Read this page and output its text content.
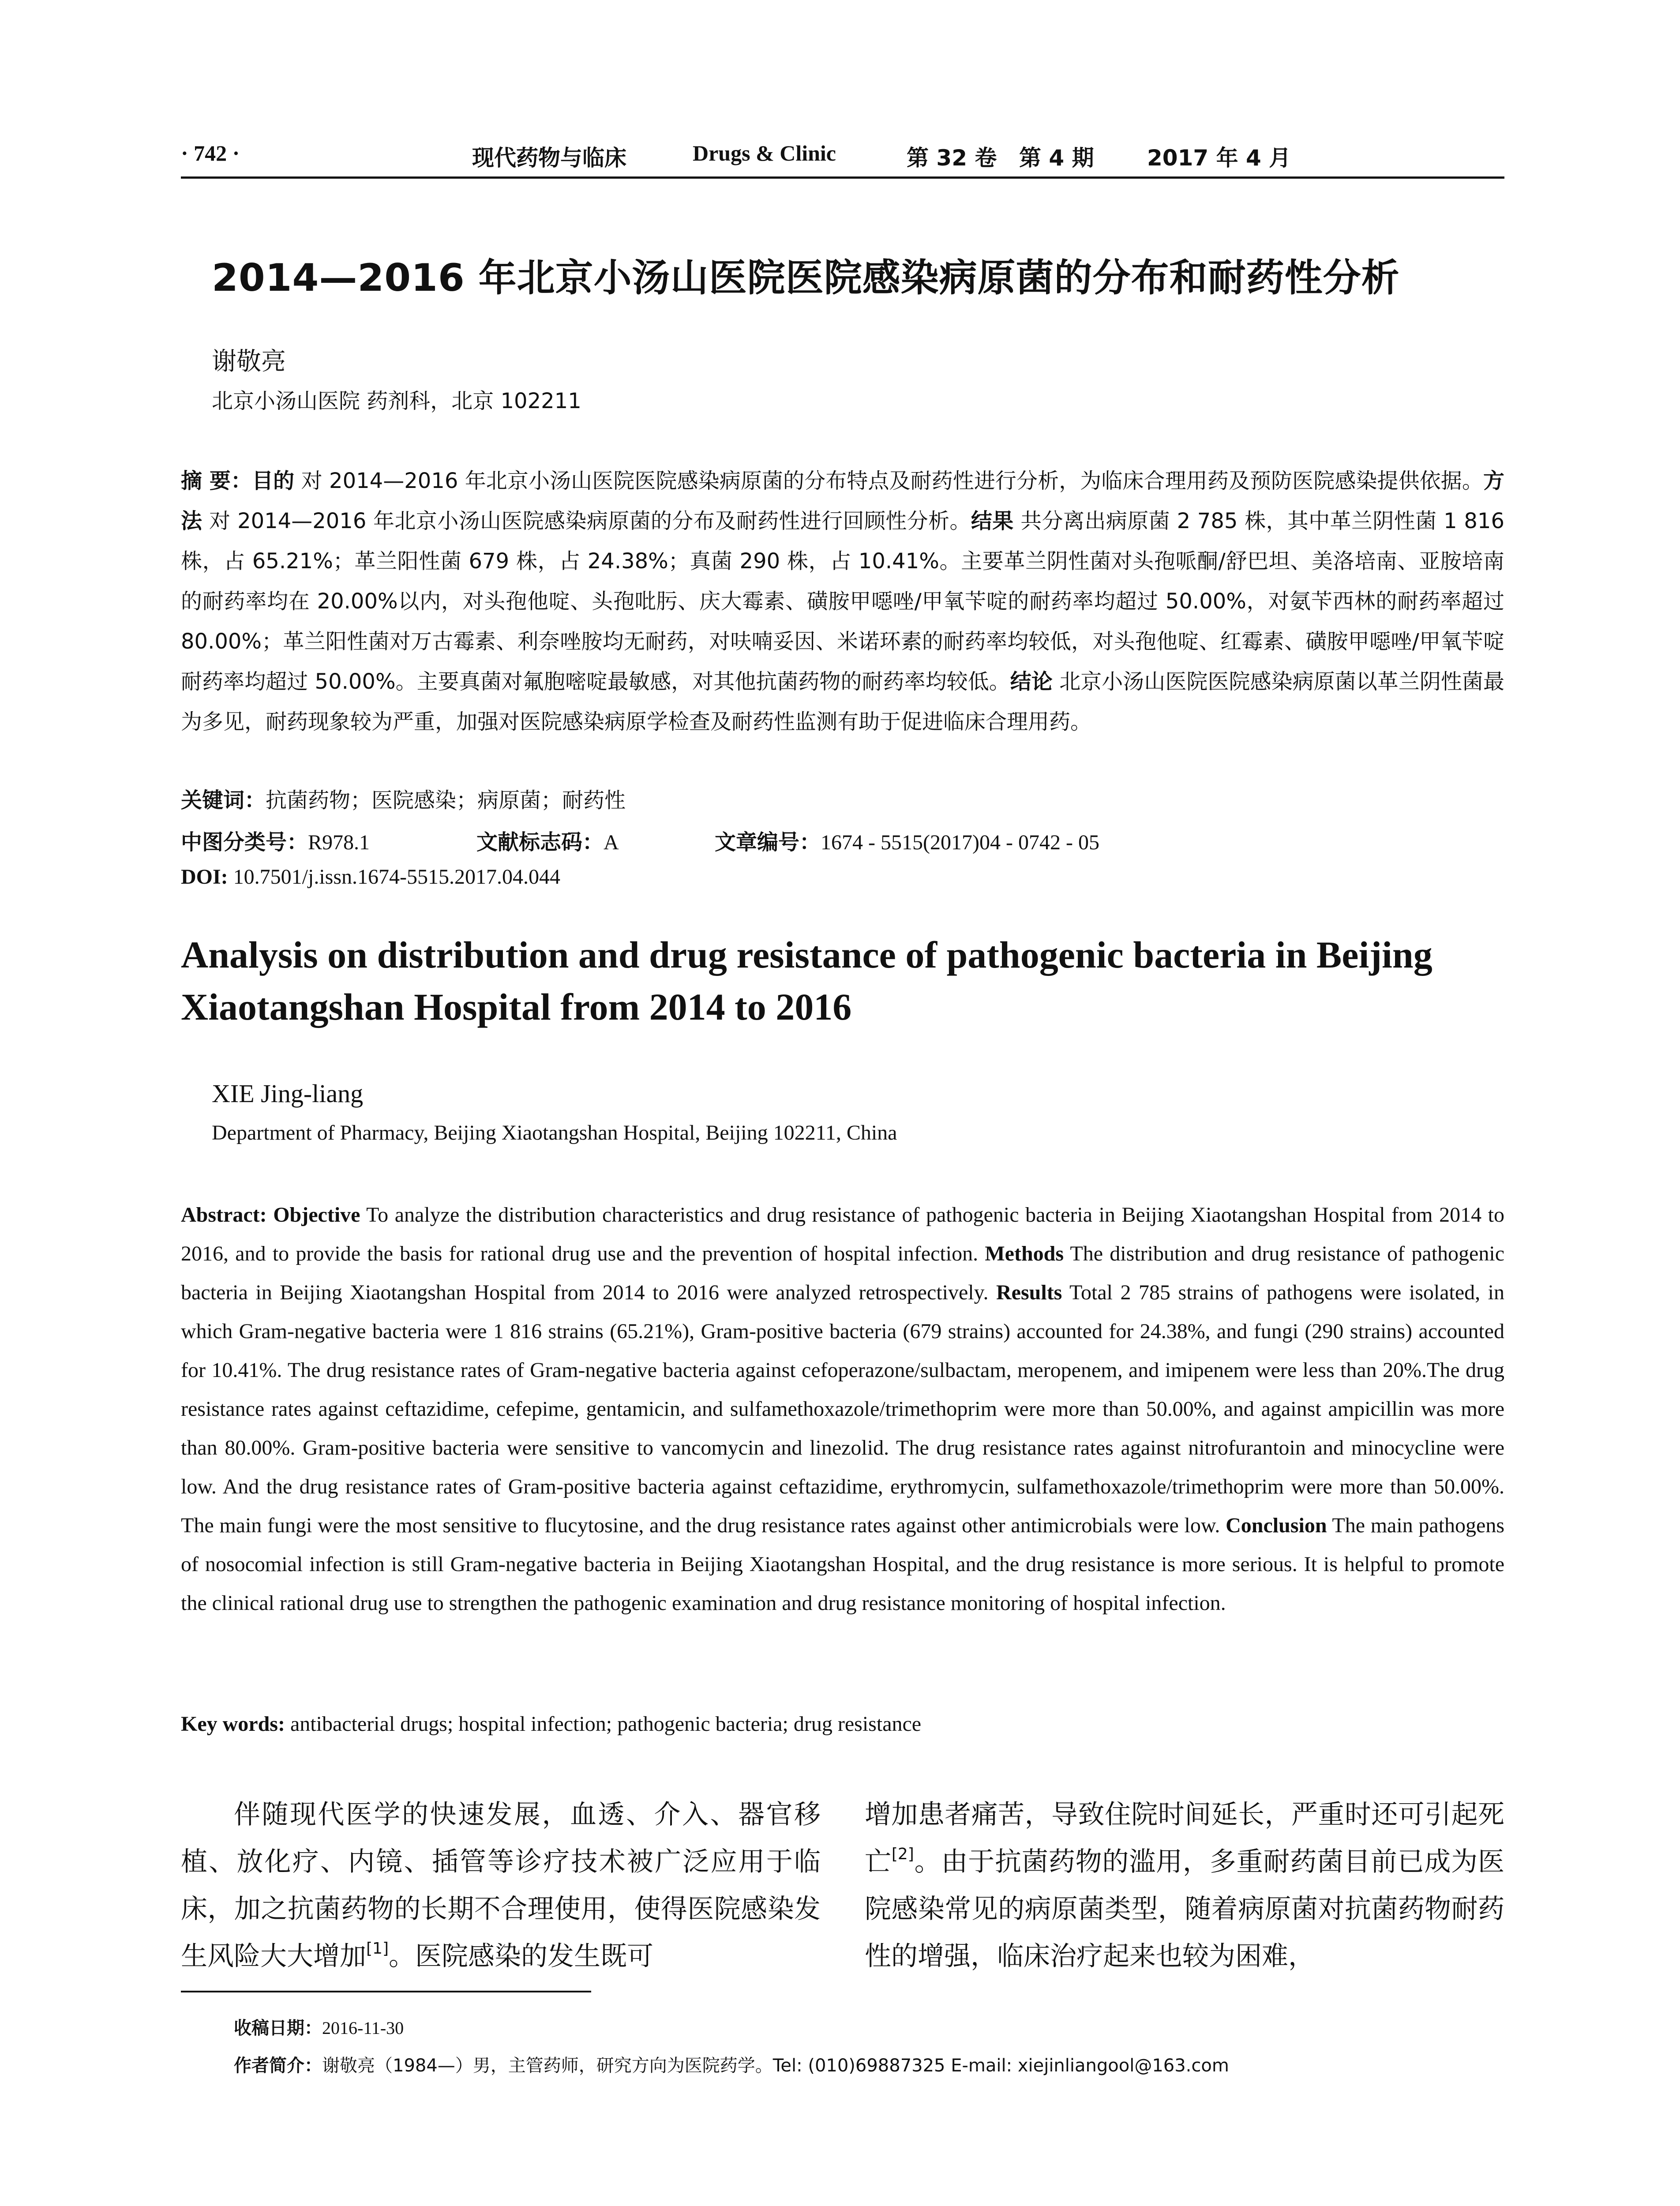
· 742 ·	现代药物与临床	Drugs & Clinic	第 32 卷 第 4 期 2017 年 4 月
2014—2016 年北京小汤山医院医院感染病原菌的分布和耐药性分析
谢敬亮
北京小汤山医院 药剂科，北京 102211
摘 要：目的 对 2014—2016 年北京小汤山医院医院感染病原菌的分布特点及耐药性进行分析，为临床合理用药及预防医院感染提供依据。方法 对 2014—2016 年北京小汤山医院感染病原菌的分布及耐药性进行回顾性分析。结果 共分离出病原菌 2 785 株，其中革兰阴性菌 1 816 株，占 65.21%；革兰阳性菌 679 株，占 24.38%；真菌 290 株，占 10.41%。主要革兰阴性菌对头孢哌酮/舒巴坦、美洛培南、亚胺培南的耐药率均在 20.00%以内，对头孢他啶、头孢吡肟、庆大霉素、磺胺甲噁唑/甲氧苄啶的耐药率均超过 50.00%，对氨苄西林的耐药率超过 80.00%；革兰阳性菌对万古霉素、利奈唑胺均无耐药，对呋喃妥因、米诺环素的耐药率均较低，对头孢他啶、红霉素、磺胺甲噁唑/甲氧苄啶耐药率均超过 50.00%。主要真菌对氟胞嘧啶最敏感，对其他抗菌药物的耐药率均较低。结论 北京小汤山医院医院感染病原菌以革兰阴性菌最为多见，耐药现象较为严重，加强对医院感染病原学检查及耐药性监测有助于促进临床合理用药。
关键词：抗菌药物；医院感染；病原菌；耐药性
中图分类号：R978.1	文献标志码：A	文章编号：1674 - 5515(2017)04 - 0742 - 05
DOI: 10.7501/j.issn.1674-5515.2017.04.044
Analysis on distribution and drug resistance of pathogenic bacteria in Beijing Xiaotangshan Hospital from 2014 to 2016
XIE Jing-liang
Department of Pharmacy, Beijing Xiaotangshan Hospital, Beijing 102211, China
Abstract: Objective To analyze the distribution characteristics and drug resistance of pathogenic bacteria in Beijing Xiaotangshan Hospital from 2014 to 2016, and to provide the basis for rational drug use and the prevention of hospital infection. Methods The distribution and drug resistance of pathogenic bacteria in Beijing Xiaotangshan Hospital from 2014 to 2016 were analyzed retrospectively. Results Total 2 785 strains of pathogens were isolated, in which Gram-negative bacteria were 1 816 strains (65.21%), Gram-positive bacteria (679 strains) accounted for 24.38%, and fungi (290 strains) accounted for 10.41%. The drug resistance rates of Gram-negative bacteria against cefoperazone/sulbactam, meropenem, and imipenem were less than 20%.The drug resistance rates against ceftazidime, cefepime, gentamicin, and sulfamethoxazole/trimethoprim were more than 50.00%, and against ampicillin was more than 80.00%. Gram-positive bacteria were sensitive to vancomycin and linezolid. The drug resistance rates against nitrofurantoin and minocycline were low. And the drug resistance rates of Gram-positive bacteria against ceftazidime, erythromycin, sulfamethoxazole/trimethoprim were more than 50.00%. The main fungi were the most sensitive to flucytosine, and the drug resistance rates against other antimicrobials were low. Conclusion The main pathogens of nosocomial infection is still Gram-negative bacteria in Beijing Xiaotangshan Hospital, and the drug resistance is more serious. It is helpful to promote the clinical rational drug use to strengthen the pathogenic examination and drug resistance monitoring of hospital infection.
Key words: antibacterial drugs; hospital infection; pathogenic bacteria; drug resistance
伴随现代医学的快速发展，血透、介入、器官移植、放化疗、内镜、插管等诊疗技术被广泛应用于临床，加之抗菌药物的长期不合理使用，使得医院感染发生风险大大增加[1]。医院感染的发生既可
增加患者痛苦，导致住院时间延长，严重时还可引起死亡[2]。由于抗菌药物的滥用，多重耐药菌目前已成为医院感染常见的病原菌类型，随着病原菌对抗菌药物耐药性的增强，临床治疗起来也较为困难，
收稿日期：2016-11-30
作者简介：谢敬亮（1984—）男，主管药师，研究方向为医院药学。Tel: (010)69887325 E-mail: xiejinliangool@163.com
